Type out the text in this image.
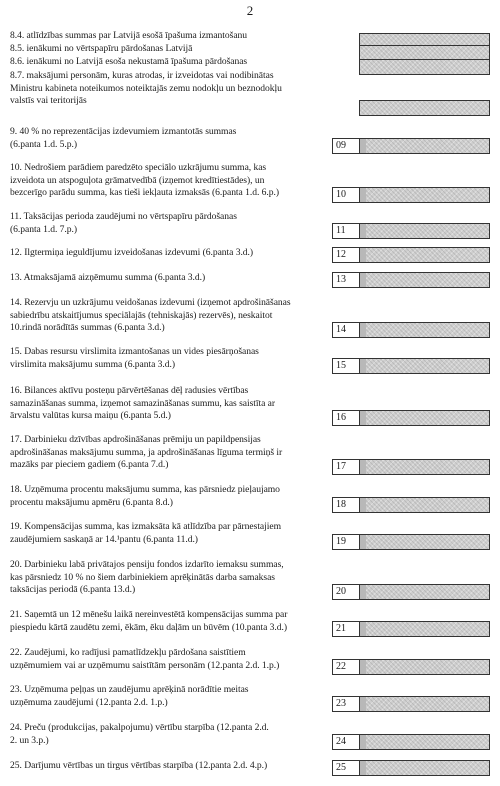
2
8.4. atlīdzības summas par Latvijā esošā īpašuma izmantošanu
8.5. ienākumi no vērtspapīru pārdošanas Latvijā
8.6. ienākumi no Latvijā esoša nekustamā īpašuma pārdošanas
8.7. maksājumi personām, kuras atrodas, ir izveidotas vai nodibinātas
Ministru kabineta noteikumos noteiktajās zemu nodokļu un beznodokļu
valstīs vai teritorijās
9. 40 % no reprezentācijas izdevumiem izmantotās summas
(6.panta 1.d. 5.p.)	09
10. Nedrošiem parādiem paredzēto speciālo uzkrājumu summa, kas
izveidota un atspoguļota grāmatvedībā (izņemot kredītiestādes), un
bezcerīgo parādu summa, kas tieši iekļauta izmaksās (6.panta 1.d. 6.p.)	10
11. Taksācijas perioda zaudējumi no vērtspapīru pārdošanas
(6.panta 1.d. 7.p.)	11
12. Ilgtermiņa ieguldījumu izveidošanas izdevumi (6.panta 3.d.)	12
13. Atmaksājamā aizņēmumu summa (6.panta 3.d.)	13
14. Rezervju un uzkrājumu veidošanas izdevumi (izņemot apdrošināšanas
sabiedrību atskaitījumus speciālajās (tehniskajās) rezervēs), neskaitot
10.rindā norādītās summas (6.panta 3.d.)	14
15. Dabas resursu virslimita izmantošanas un vides piesārņošanas
virslimita maksājumu summa (6.panta 3.d.)	15
16. Bilances aktīvu posteņu pārvērtēšanas dēļ radusies vērtības
samazināšanas summa, izņemot samazināšanas summu, kas saistīta ar
ārvalstu valūtas kursa maiņu (6.panta 5.d.)	16
17. Darbinieku dzīvības apdrošināšanas prēmiju un papildpensijas
apdrošināšanas maksājumu summa, ja apdrošināšanas līguma termiņš ir
mazāks par pieciem gadiem (6.panta 7.d.)	17
18. Uzņēmuma procentu maksājumu summa, kas pārsniedz pieļaujamo
procentu maksājumu apmēru (6.panta 8.d.)	18
19. Kompensācijas summa, kas izmaksāta kā atlīdzība par pārnestajiem
zaudējumiem saskaņā ar 14.¹pantu (6.panta 11.d.)	19
20. Darbinieku labā privātajos pensiju fondos izdarīto iemaksu summas,
kas pārsniedz 10 % no šiem darbiniekiem aprēķinātās darba samaksas
taksācijas periodā (6.panta 13.d.)	20
21. Saņemtā un 12 mēnešu laikā nereinvestētā kompensācijas summa par
piespiedu kārtā zaudētu zemi, ēkām, ēku daļām un būvēm (10.panta 3.d.)	21
22. Zaudējumi, ko radījusi pamatlīdzekļu pārdošana saistītiem
uzņēmumiem vai ar uzņēmumu saistītām personām (12.panta 2.d. 1.p.)	22
23. Uzņēmuma peļņas un zaudējumu aprēķinā norādītie meitas
uzņēmuma zaudējumi (12.panta 2.d. 1.p.)	23
24. Preču (produkcijas, pakalpojumu) vērtību starpība (12.panta 2.d.
2. un 3.p.)	24
25. Darījumu vērtības un tirgus vērtības starpība (12.panta 2.d. 4.p.)	25
